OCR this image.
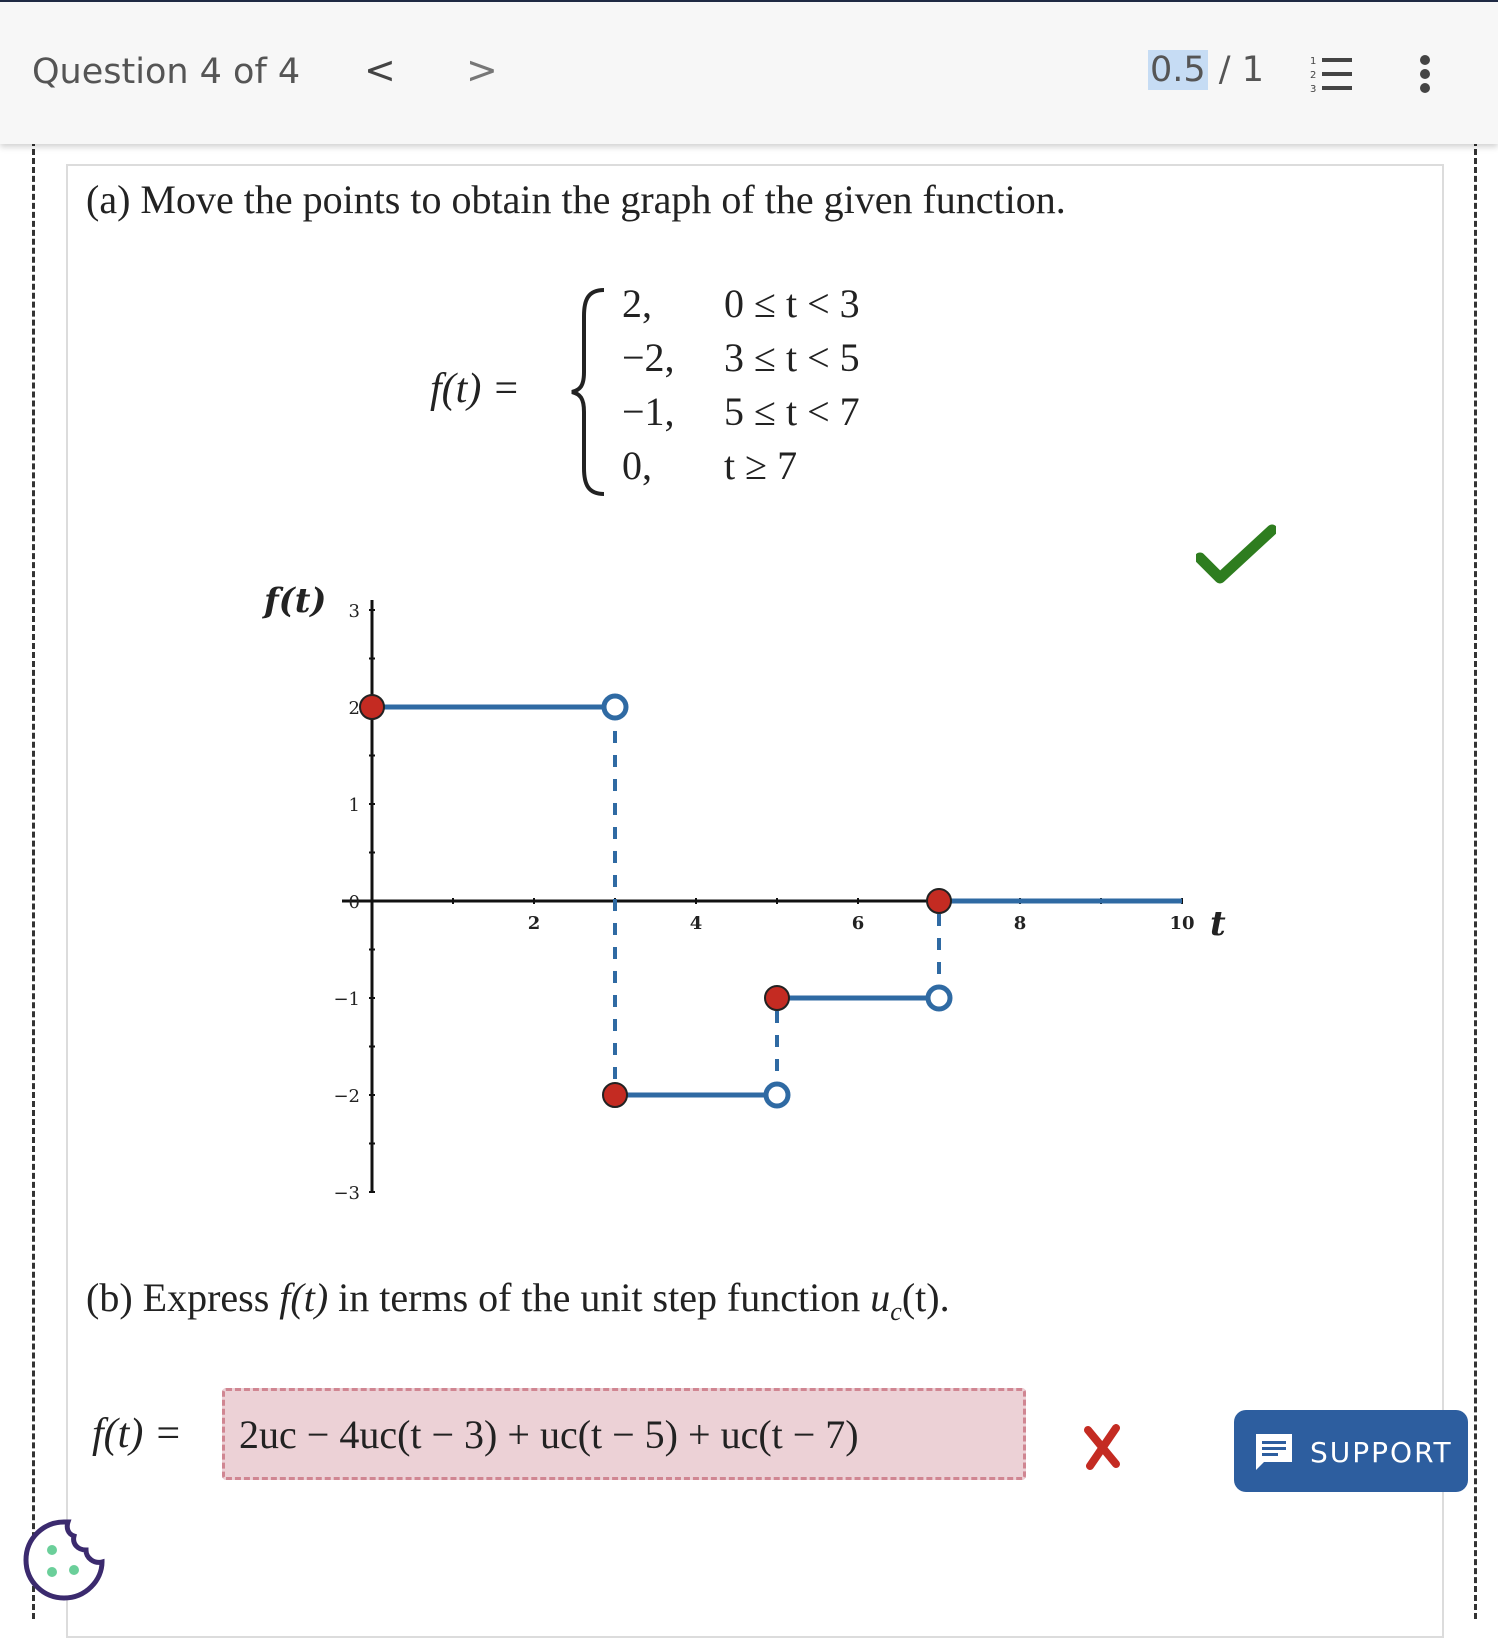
Question 4 of 4 < >	0.5 / 1	1
2
3
(a) Move the points to obtain the graph of the given function.
f(t) =
2, 0 ≤ t < 3
−2, 3 ≤ t < 5
−1, 5 ≤ t < 7
0, t ≥ 7
2	4	6	8	10
3
2
1
0
−1
−2
−3
f(t)
t
(b) Express f(t) in terms of the unit step function $u_c(t)$.
f(t) = 2uc − 4uc(t − 3) + uc(t − 5) + uc(t − 7)	SUPPORT
